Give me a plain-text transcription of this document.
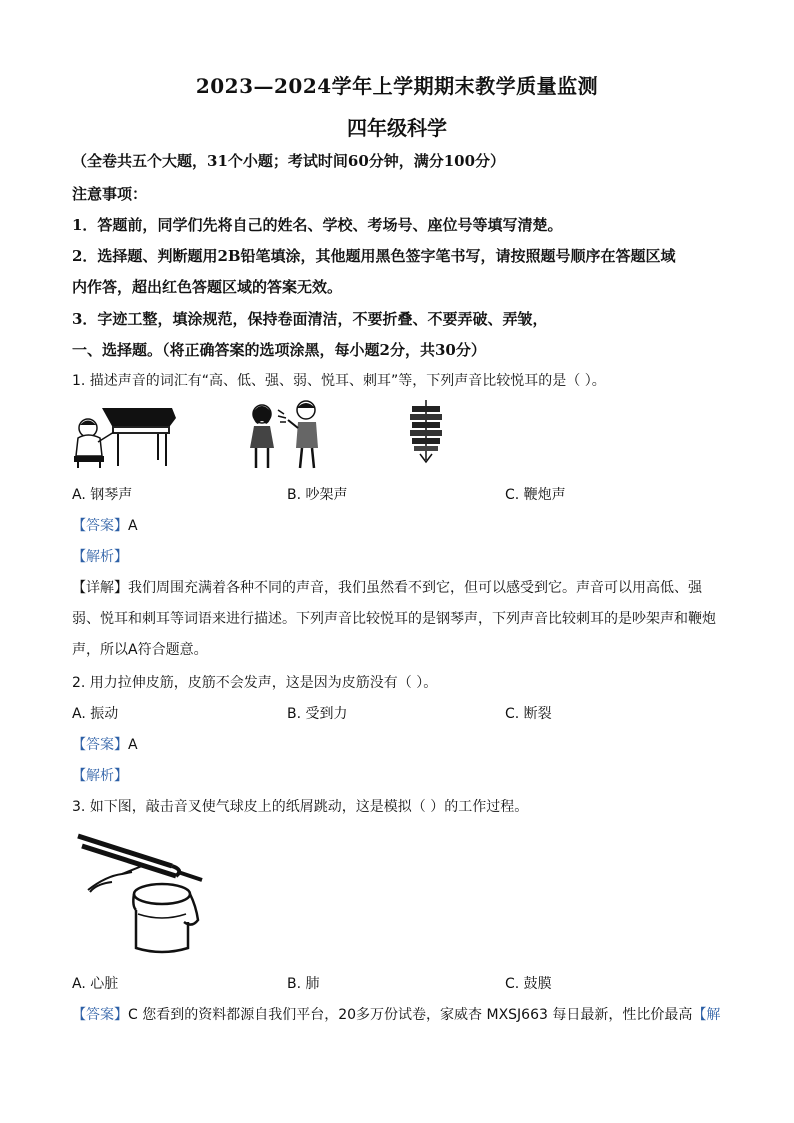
2023—2024学年上学期期末教学质量监测
四年级科学
（全卷共五个大题，31个小题；考试时间60分钟，满分100分）
注意事项：
1．答题前，同学们先将自己的姓名、学校、考场号、座位号等填写清楚。
2．选择题、判断题用2B铅笔填涂，其他题用黑色签字笔书写，请按照题号顺序在答题区域
内作答，超出红色答题区域的答案无效。
3．字迹工整，填涂规范，保持卷面清洁，不要折叠、不要弄破、弄皱，
一、选择题。（将正确答案的选项涂黑，每小题2分，共30分）
1. 描述声音的词汇有“高、低、强、弱、悦耳、刺耳”等，下列声音比较悦耳的是（ ）。
A. 钢琴声	B. 吵架声	C. 鞭炮声
【答案】A
【解析】
【详解】我们周围充满着各种不同的声音，我们虽然看不到它，但可以感受到它。声音可以用高低、强
弱、悦耳和刺耳等词语来进行描述。下列声音比较悦耳的是钢琴声，下列声音比较刺耳的是吵架声和鞭炮
声，所以A符合题意。
2. 用力拉伸皮筋，皮筋不会发声，这是因为皮筋没有（ ）。
A. 振动	B. 受到力	C. 断裂
【答案】A
【解析】
3. 如下图，敲击音叉使气球皮上的纸屑跳动，这是模拟（ ）的工作过程。
A. 心脏	B. 肺	C. 鼓膜
【答案】C 您看到的资料都源自我们平台，20多万份试卷，家威杏 MXSJ663 每日最新，性比价最高【解
